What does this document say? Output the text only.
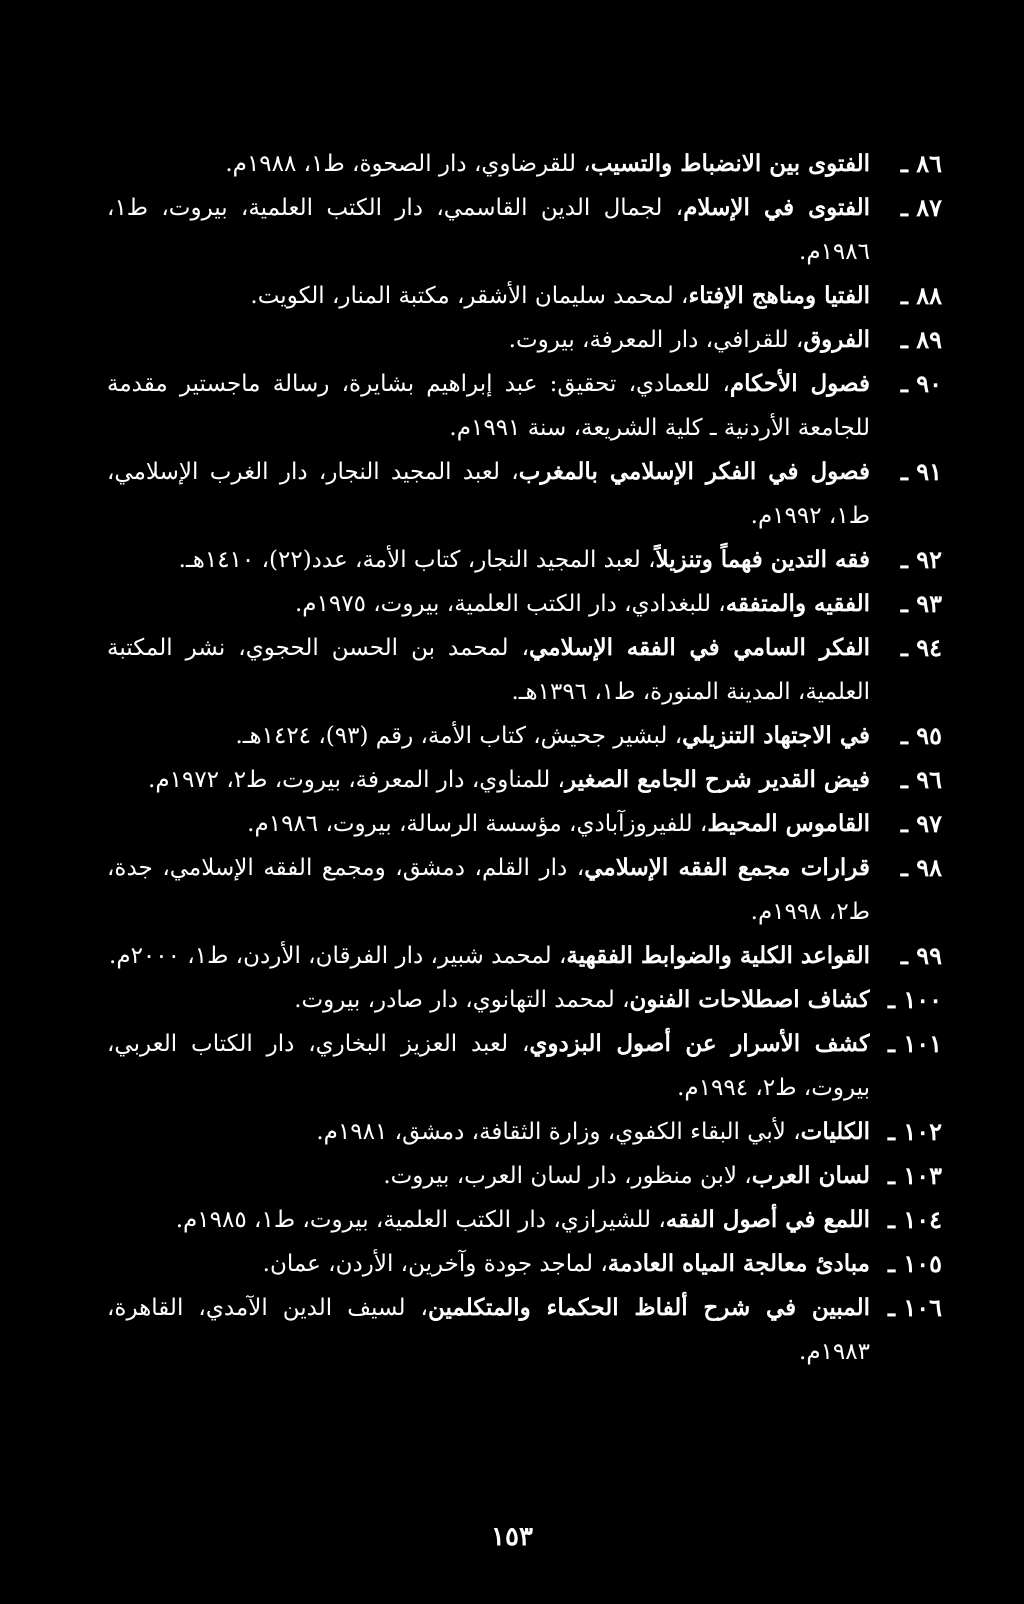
٨٦ ـ
الفتوى بين الانضباط والتسيب، للقرضاوي، دار الصحوة، ط١، ١٩٨٨م.
٨٧ ـ
الفتوى في الإسلام، لجمال الدين القاسمي، دار الكتب العلمية، بيروت، ط١، ١٩٨٦م.
٨٨ ـ
الفتيا ومناهج الإفتاء، لمحمد سليمان الأشقر، مكتبة المنار، الكويت.
٨٩ ـ
الفروق، للقرافي، دار المعرفة، بيروت.
٩٠ ـ
فصول الأحكام، للعمادي، تحقيق: عبد إبراهيم بشايرة، رسالة ماجستير مقدمة للجامعة الأردنية ـ كلية الشريعة، سنة ١٩٩١م.
٩١ ـ
فصول في الفكر الإسلامي بالمغرب، لعبد المجيد النجار، دار الغرب الإسلامي، ط١، ١٩٩٢م.
٩٢ ـ
فقه التدين فهماً وتنزيلاً، لعبد المجيد النجار، كتاب الأمة، عدد(٢٢)، ١٤١٠هـ.
٩٣ ـ
الفقيه والمتفقه، للبغدادي، دار الكتب العلمية، بيروت، ١٩٧٥م.
٩٤ ـ
الفكر السامي في الفقه الإسلامي، لمحمد بن الحسن الحجوي، نشر المكتبة العلمية، المدينة المنورة، ط١، ١٣٩٦هـ.
٩٥ ـ
في الاجتهاد التنزيلي، لبشير جحيش، كتاب الأمة، رقم (٩٣)، ١٤٢٤هـ.
٩٦ ـ
فيض القدير شرح الجامع الصغير، للمناوي، دار المعرفة، بيروت، ط٢، ١٩٧٢م.
٩٧ ـ
القاموس المحيط، للفيروزآبادي، مؤسسة الرسالة، بيروت، ١٩٨٦م.
٩٨ ـ
قرارات مجمع الفقه الإسلامي، دار القلم، دمشق، ومجمع الفقه الإسلامي، جدة، ط٢، ١٩٩٨م.
٩٩ ـ
القواعد الكلية والضوابط الفقهية، لمحمد شبير، دار الفرقان، الأردن، ط١، ٢٠٠٠م.
١٠٠ ـ
كشاف اصطلاحات الفنون، لمحمد التهانوي، دار صادر، بيروت.
١٠١ ـ
كشف الأسرار عن أصول البزدوي، لعبد العزيز البخاري، دار الكتاب العربي، بيروت، ط٢، ١٩٩٤م.
١٠٢ ـ
الكليات، لأبي البقاء الكفوي، وزارة الثقافة، دمشق، ١٩٨١م.
١٠٣ ـ
لسان العرب، لابن منظور، دار لسان العرب، بيروت.
١٠٤ ـ
اللمع في أصول الفقه، للشيرازي، دار الكتب العلمية، بيروت، ط١، ١٩٨٥م.
١٠٥ ـ
مبادئ معالجة المياه العادمة، لماجد جودة وآخرين، الأردن، عمان.
١٠٦ ـ
المبين في شرح ألفاظ الحكماء والمتكلمين، لسيف الدين الآمدي، القاهرة، ١٩٨٣م.
١٥٣
